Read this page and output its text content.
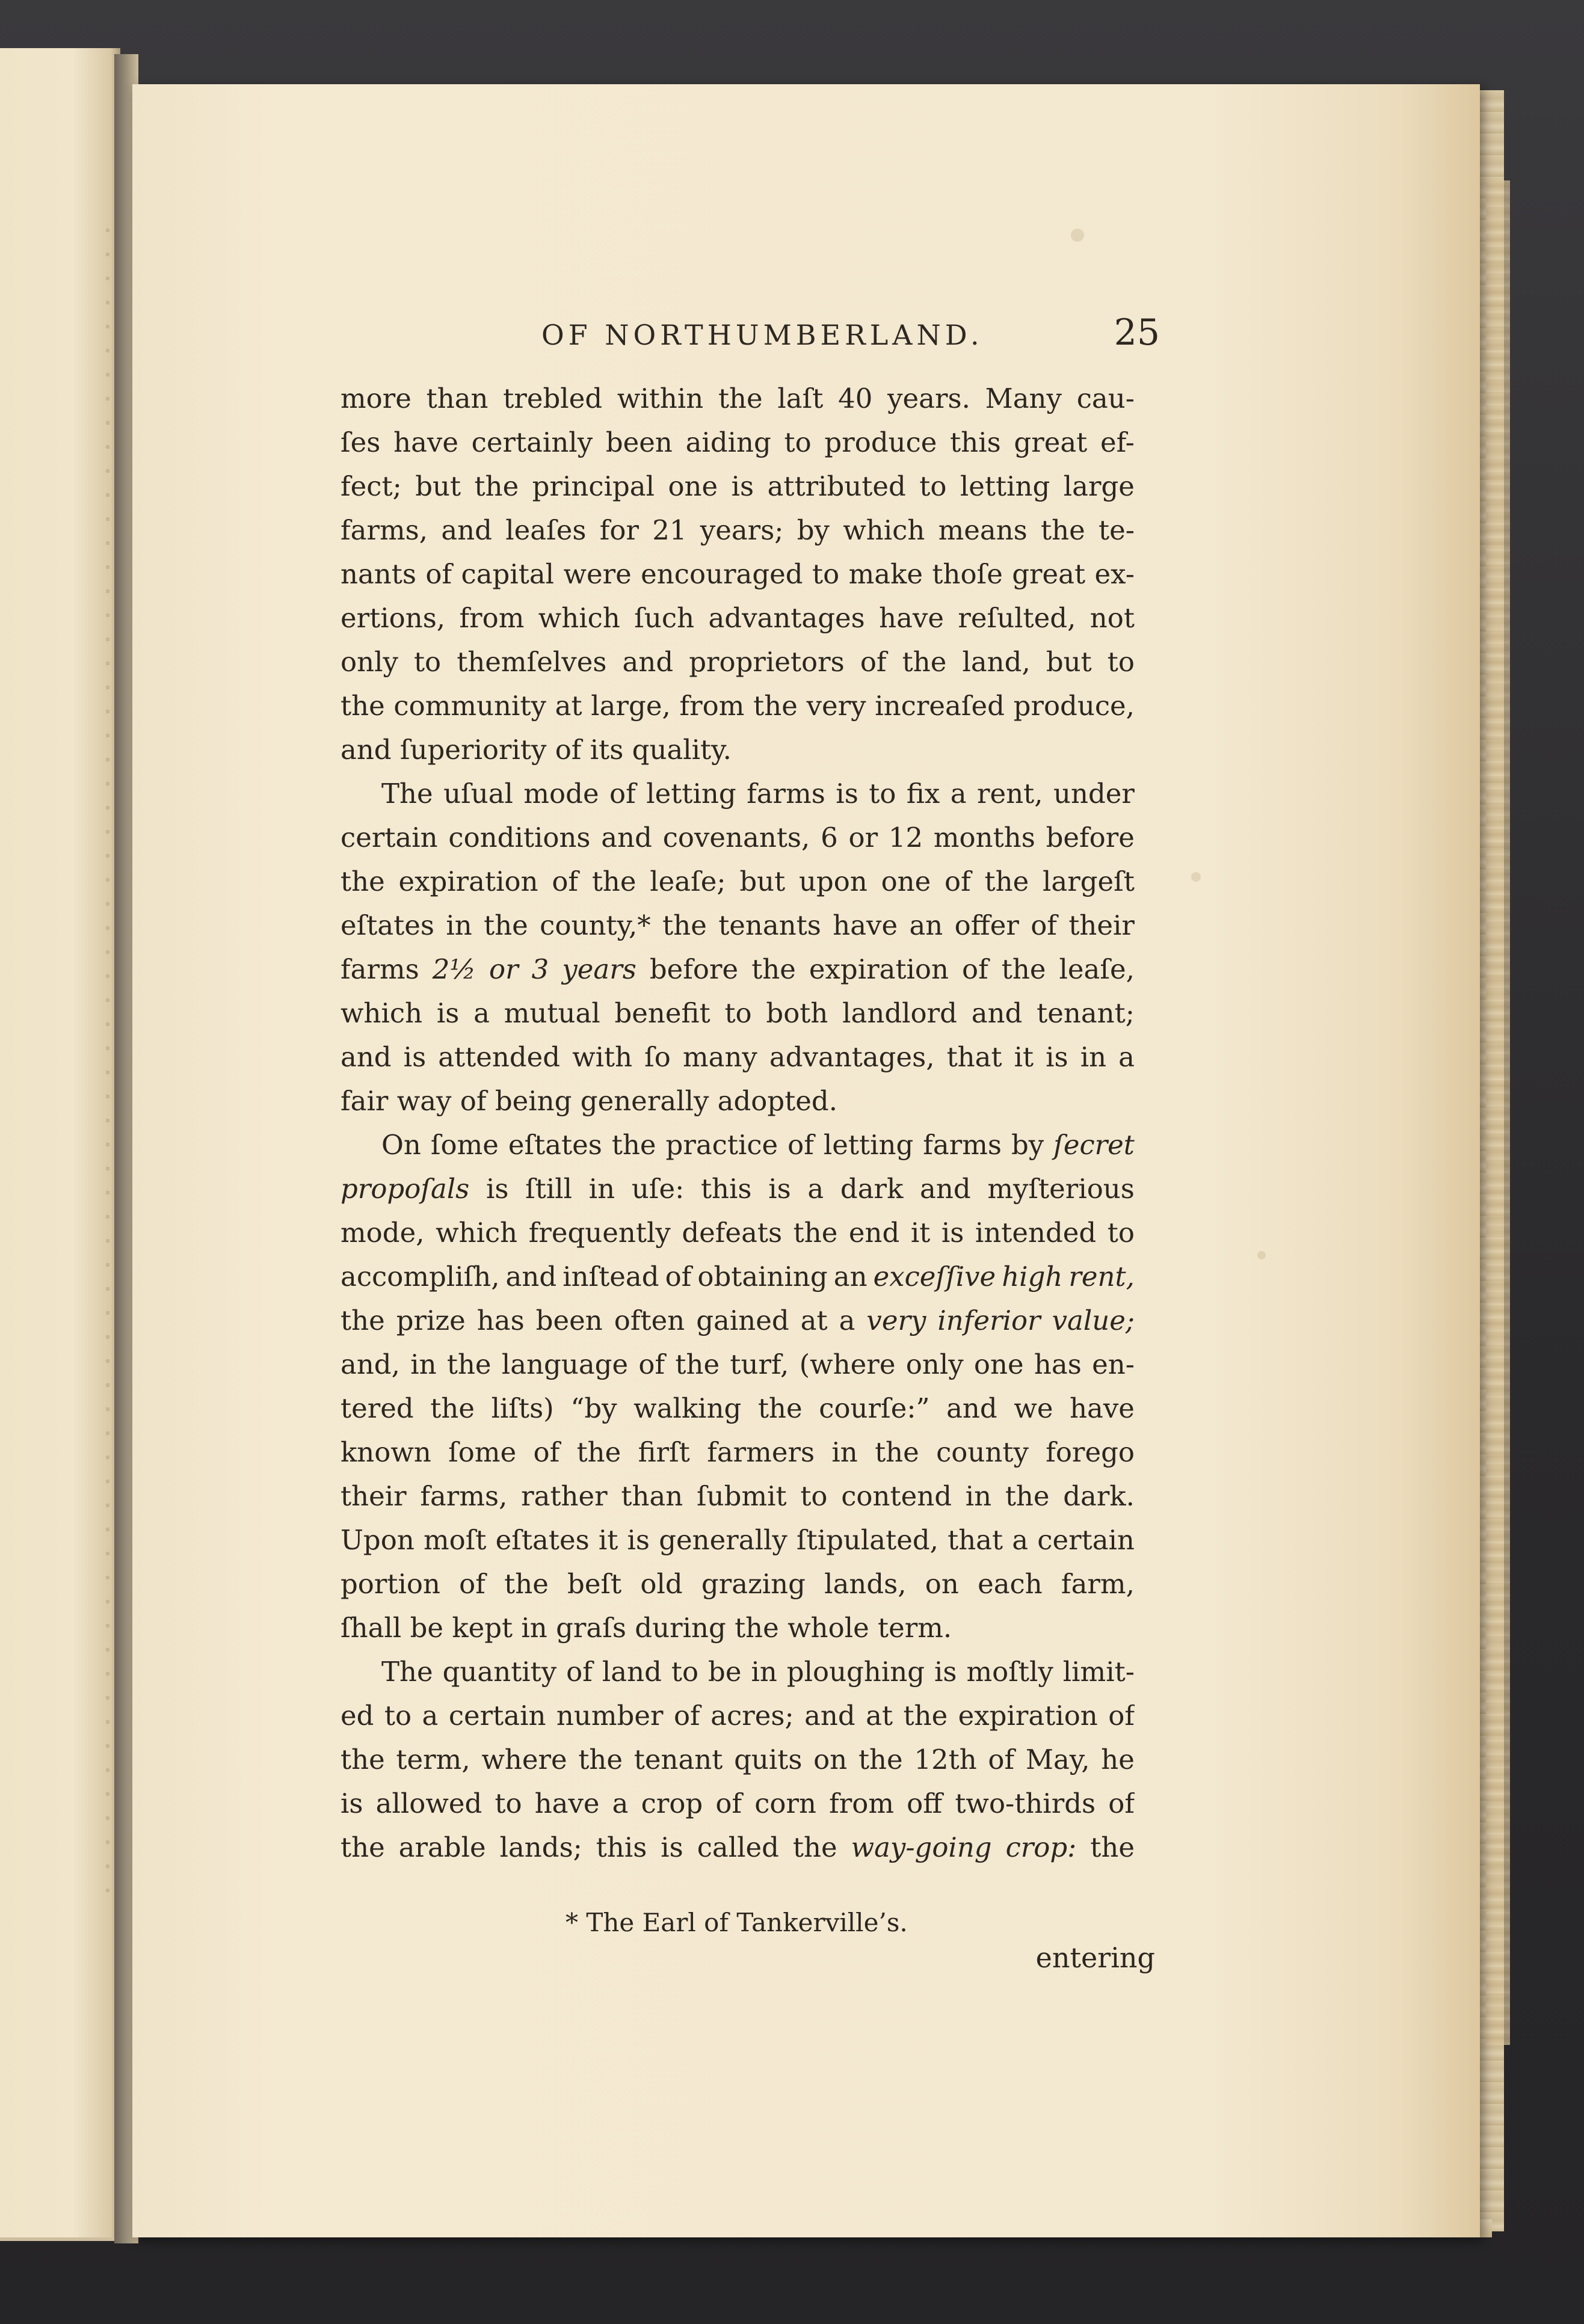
OF NORTHUMBERLAND.	25
more than trebled within the laſt 40 years. Many cau-
ſes have certainly been aiding to produce this great ef-
fect; but the principal one is attributed to letting large
farms, and leaſes for 21 years; by which means the te-
nants of capital were encouraged to make thoſe great ex-
ertions, from which ſuch advantages have reſulted, not
only to themſelves and proprietors of the land, but to
the community at large, from the very increaſed produce,
and ſuperiority of its quality.
The uſual mode of letting farms is to fix a rent, under
certain conditions and covenants, 6 or 12 months before
the expiration of the leaſe; but upon one of the largeſt
eſtates in the county,* the tenants have an offer of their
farms 2½ or 3 years before the expiration of the leaſe,
which is a mutual benefit to both landlord and tenant;
and is attended with ſo many advantages, that it is in a
fair way of being generally adopted.
On ſome eſtates the practice of letting farms by ſecret
propoſals is ſtill in uſe: this is a dark and myſterious
mode, which frequently defeats the end it is intended to
accompliſh, and inſtead of obtaining an exceſſive high rent,
the prize has been often gained at a very inferior value;
and, in the language of the turf, (where only one has en-
tered the liſts) “by walking the courſe:” and we have
known ſome of the firſt farmers in the county forego
their farms, rather than ſubmit to contend in the dark.
Upon moſt eſtates it is generally ſtipulated, that a certain
portion of the beſt old grazing lands, on each farm,
ſhall be kept in graſs during the whole term.
The quantity of land to be in ploughing is moſtly limit-
ed to a certain number of acres; and at the expiration of
the term, where the tenant quits on the 12th of May, he
is allowed to have a crop of corn from off two-thirds of
the arable lands; this is called the way-going crop: the
* The Earl of Tankerville’s.
entering
